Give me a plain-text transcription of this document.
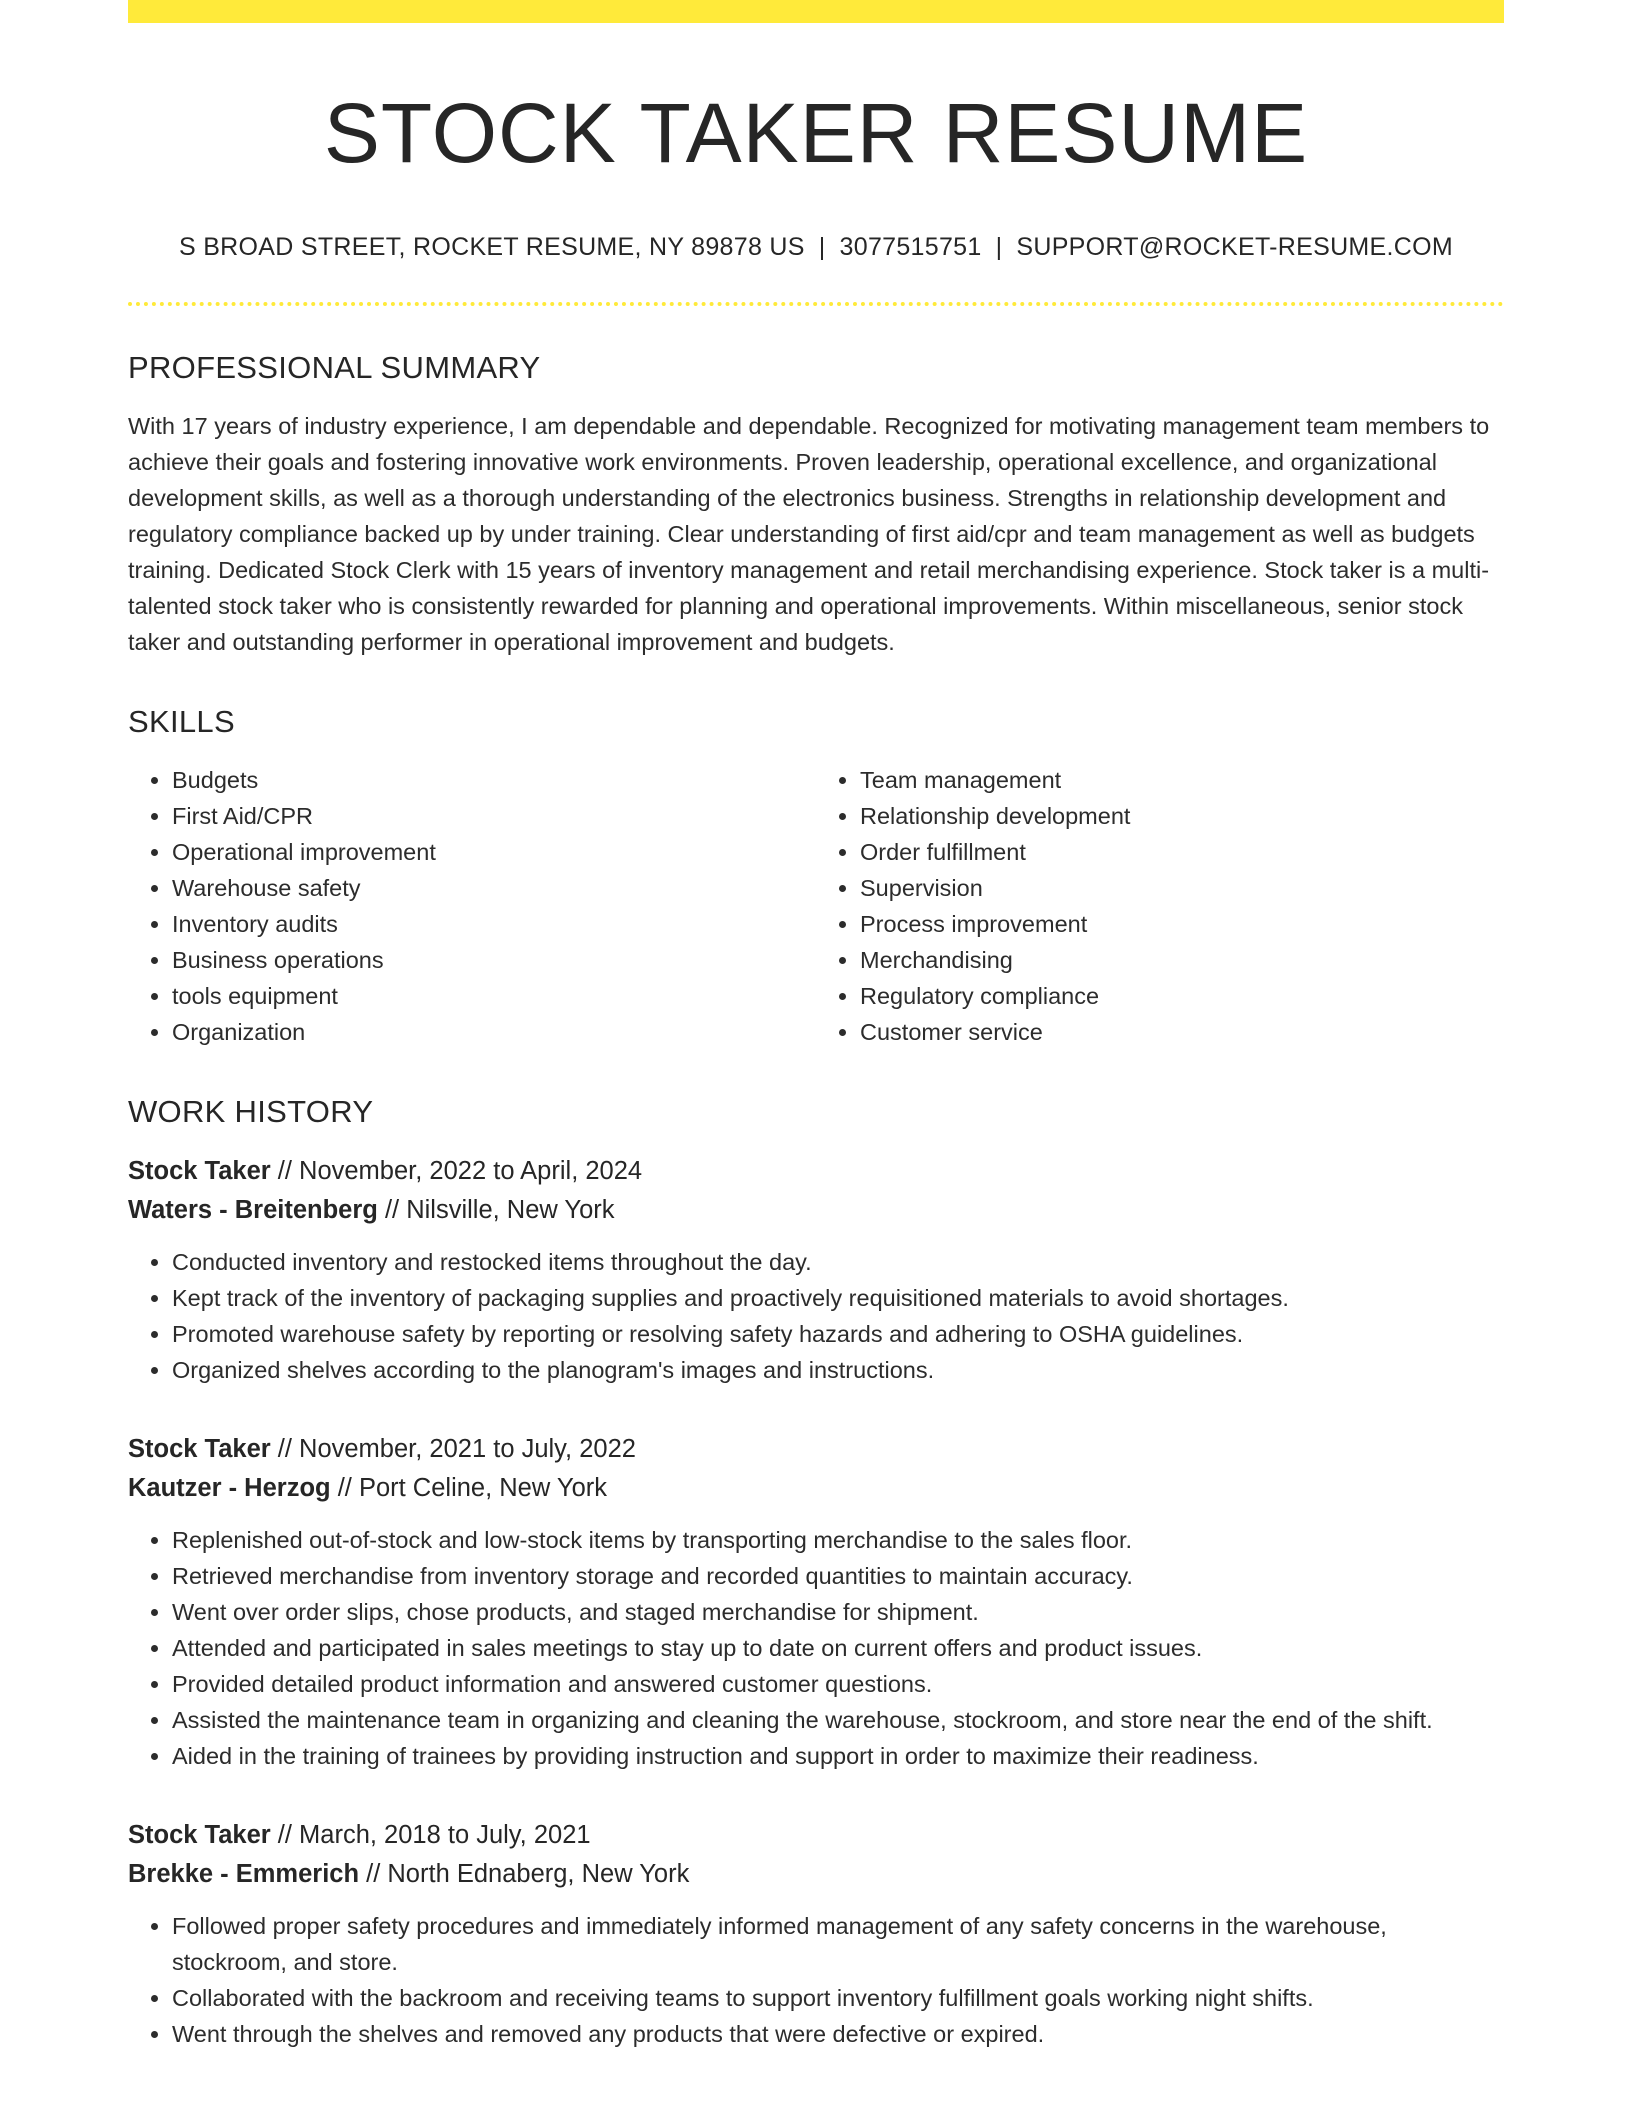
STOCK TAKER RESUME
S BROAD STREET, ROCKET RESUME, NY 89878 US | 3077515751 | SUPPORT@ROCKET-RESUME.COM
PROFESSIONAL SUMMARY
With 17 years of industry experience, I am dependable and dependable. Recognized for motivating management team members to achieve their goals and fostering innovative work environments. Proven leadership, operational excellence, and organizational development skills, as well as a thorough understanding of the electronics business. Strengths in relationship development and regulatory compliance backed up by under training. Clear understanding of first aid/cpr and team management as well as budgets training. Dedicated Stock Clerk with 15 years of inventory management and retail merchandising experience. Stock taker is a multi-talented stock taker who is consistently rewarded for planning and operational improvements. Within miscellaneous, senior stock taker and outstanding performer in operational improvement and budgets.
SKILLS
• Budgets
• First Aid/CPR
• Operational improvement
• Warehouse safety
• Inventory audits
• Business operations
• tools equipment
• Organization
• Team management
• Relationship development
• Order fulfillment
• Supervision
• Process improvement
• Merchandising
• Regulatory compliance
• Customer service
WORK HISTORY
Stock Taker // November, 2022 to April, 2024
Waters - Breitenberg // Nilsville, New York
• Conducted inventory and restocked items throughout the day.
• Kept track of the inventory of packaging supplies and proactively requisitioned materials to avoid shortages.
• Promoted warehouse safety by reporting or resolving safety hazards and adhering to OSHA guidelines.
• Organized shelves according to the planogram's images and instructions.
Stock Taker // November, 2021 to July, 2022
Kautzer - Herzog // Port Celine, New York
• Replenished out-of-stock and low-stock items by transporting merchandise to the sales floor.
• Retrieved merchandise from inventory storage and recorded quantities to maintain accuracy.
• Went over order slips, chose products, and staged merchandise for shipment.
• Attended and participated in sales meetings to stay up to date on current offers and product issues.
• Provided detailed product information and answered customer questions.
• Assisted the maintenance team in organizing and cleaning the warehouse, stockroom, and store near the end of the shift.
• Aided in the training of trainees by providing instruction and support in order to maximize their readiness.
Stock Taker // March, 2018 to July, 2021
Brekke - Emmerich // North Ednaberg, New York
• Followed proper safety procedures and immediately informed management of any safety concerns in the warehouse, stockroom, and store.
• Collaborated with the backroom and receiving teams to support inventory fulfillment goals working night shifts.
• Went through the shelves and removed any products that were defective or expired.
